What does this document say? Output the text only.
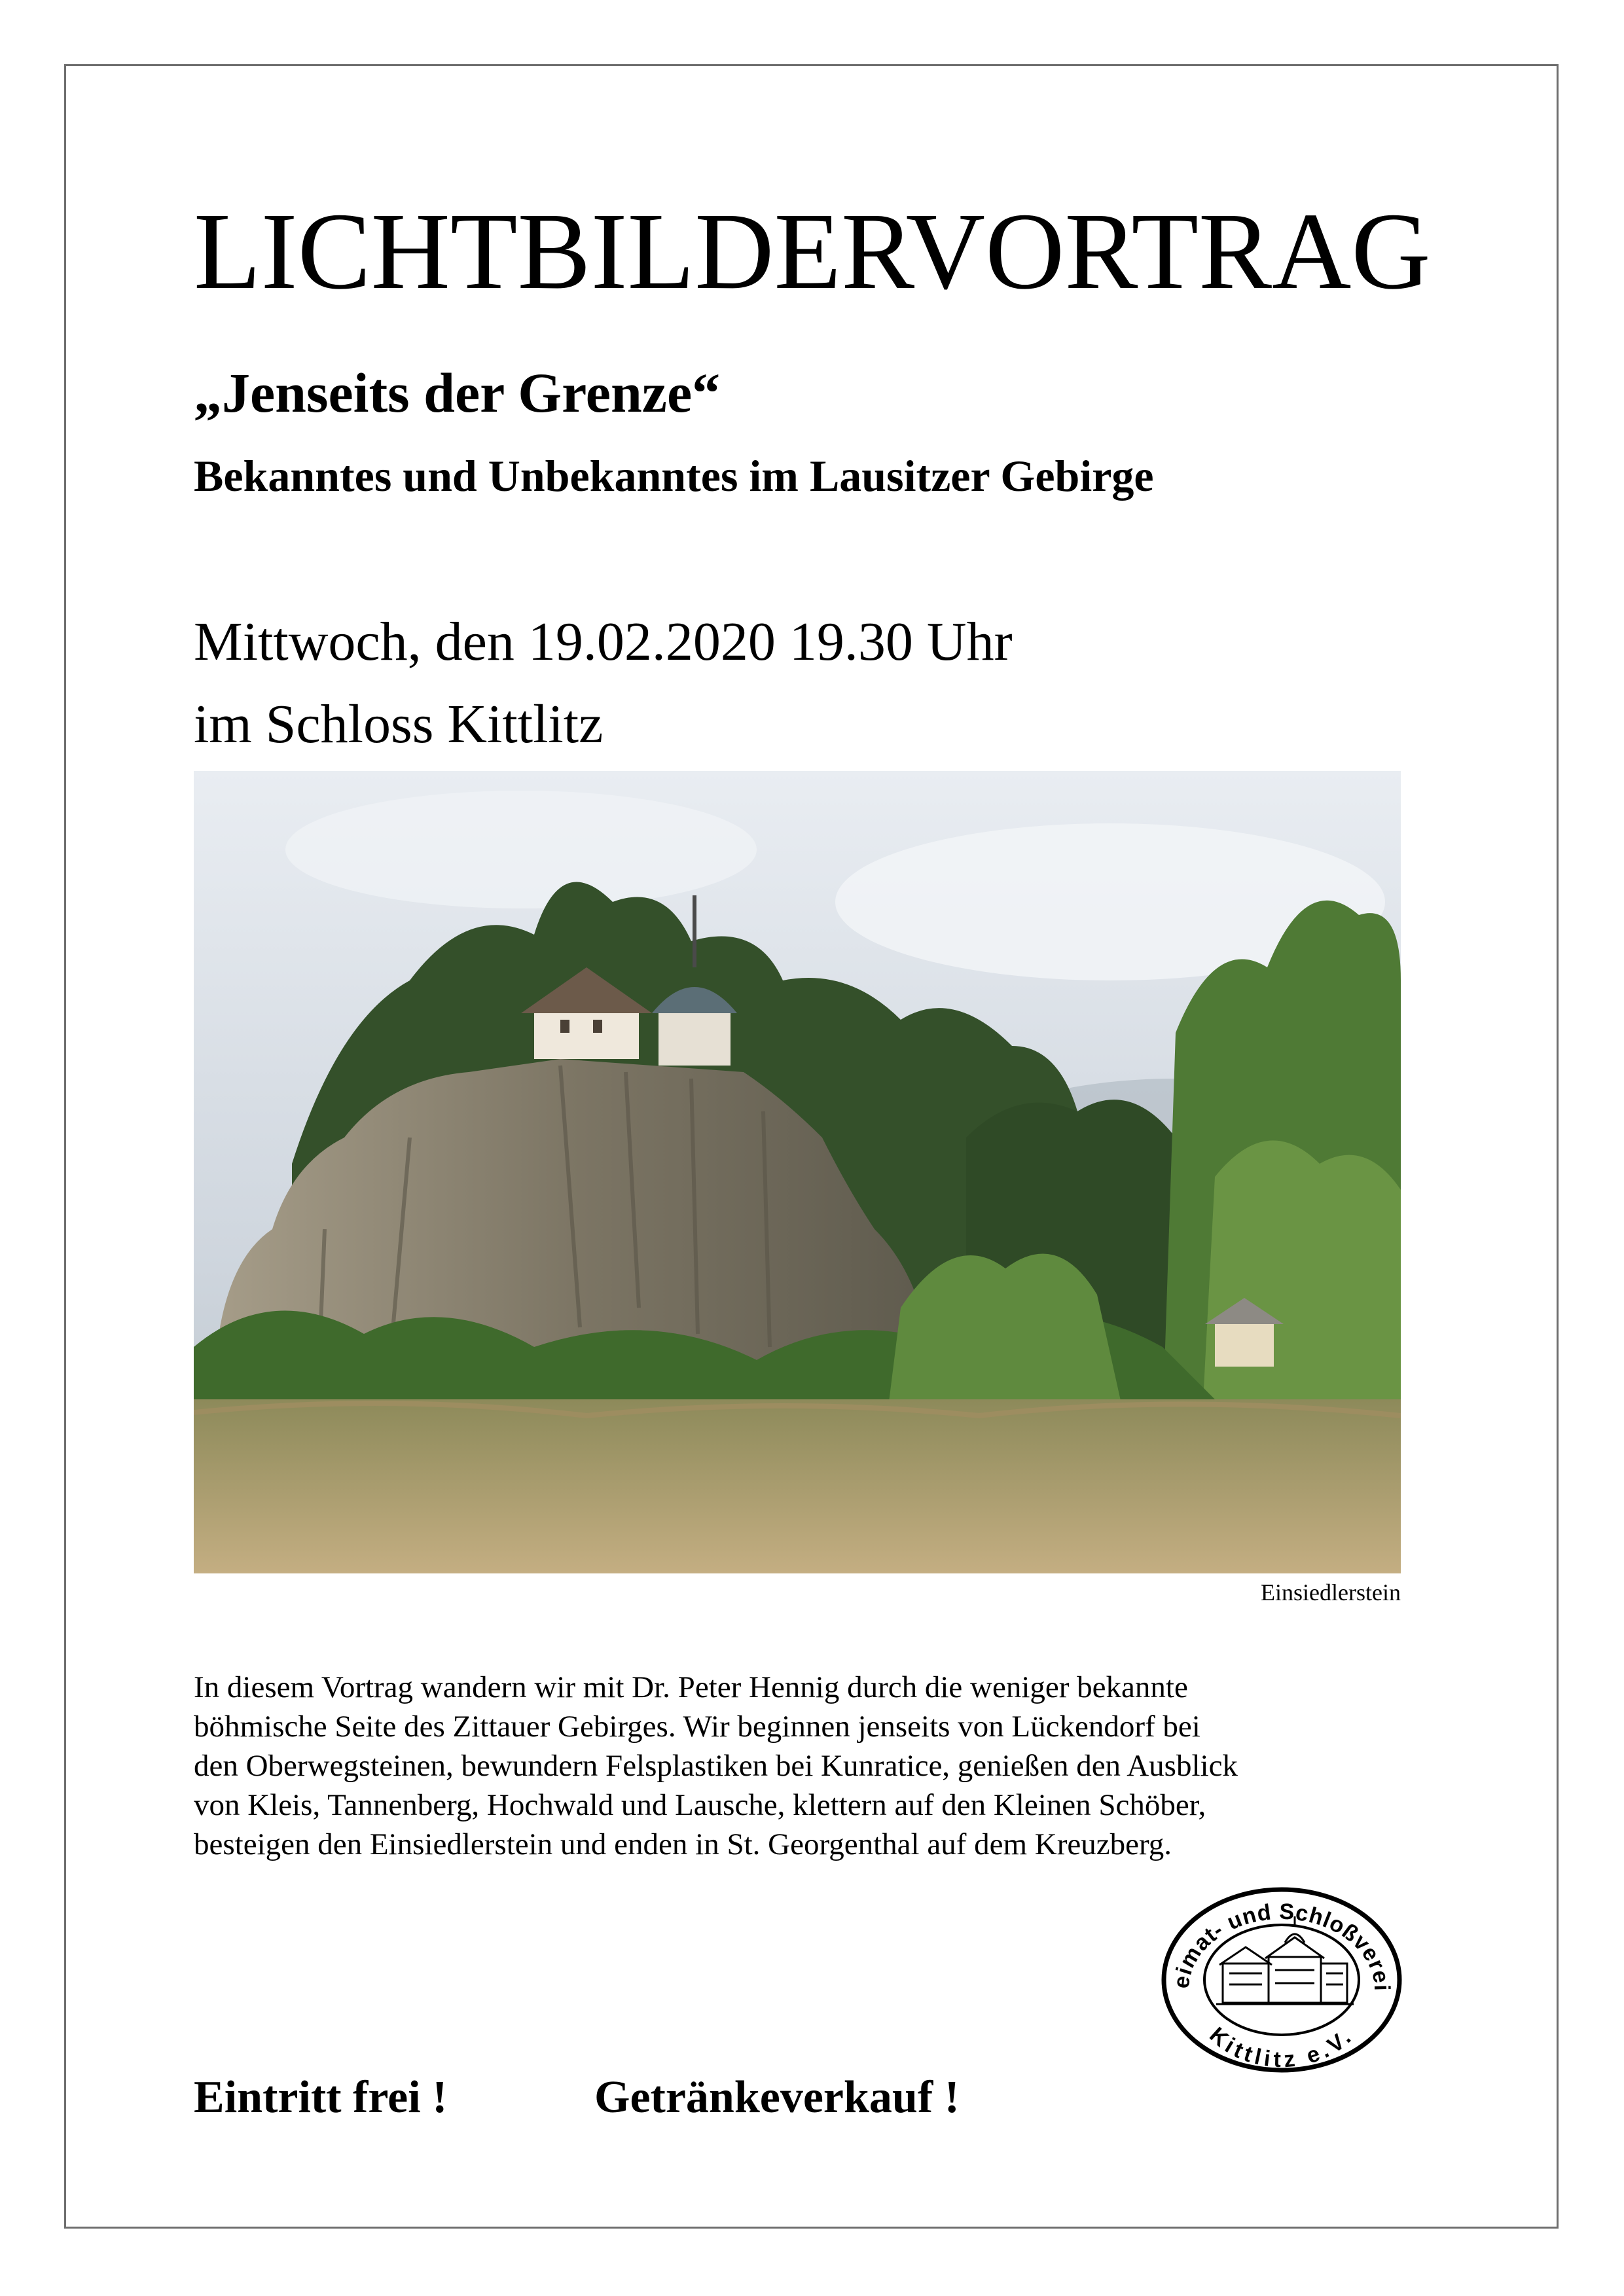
LICHTBILDERVORTRAG
„Jenseits der Grenze“
Bekanntes und Unbekanntes im Lausitzer Gebirge
Mittwoch, den 19.02.2020 19.30 Uhr
im Schloss Kittlitz
Einsiedlerstein
In diesem Vortrag wandern wir mit Dr. Peter Hennig durch die weniger bekannte
böhmische Seite des Zittauer Gebirges. Wir beginnen jenseits von Lückendorf bei
den Oberwegsteinen, bewundern Felsplastiken bei Kunratice, genießen den Ausblick
von Kleis, Tannenberg, Hochwald und Lausche, klettern auf den Kleinen Schöber,
besteigen den Einsiedlerstein und enden in St. Georgenthal auf dem Kreuzberg.
eimat- und Schloßverei
Kittlitz e.V.
Eintritt frei !	Getränkeverkauf !
